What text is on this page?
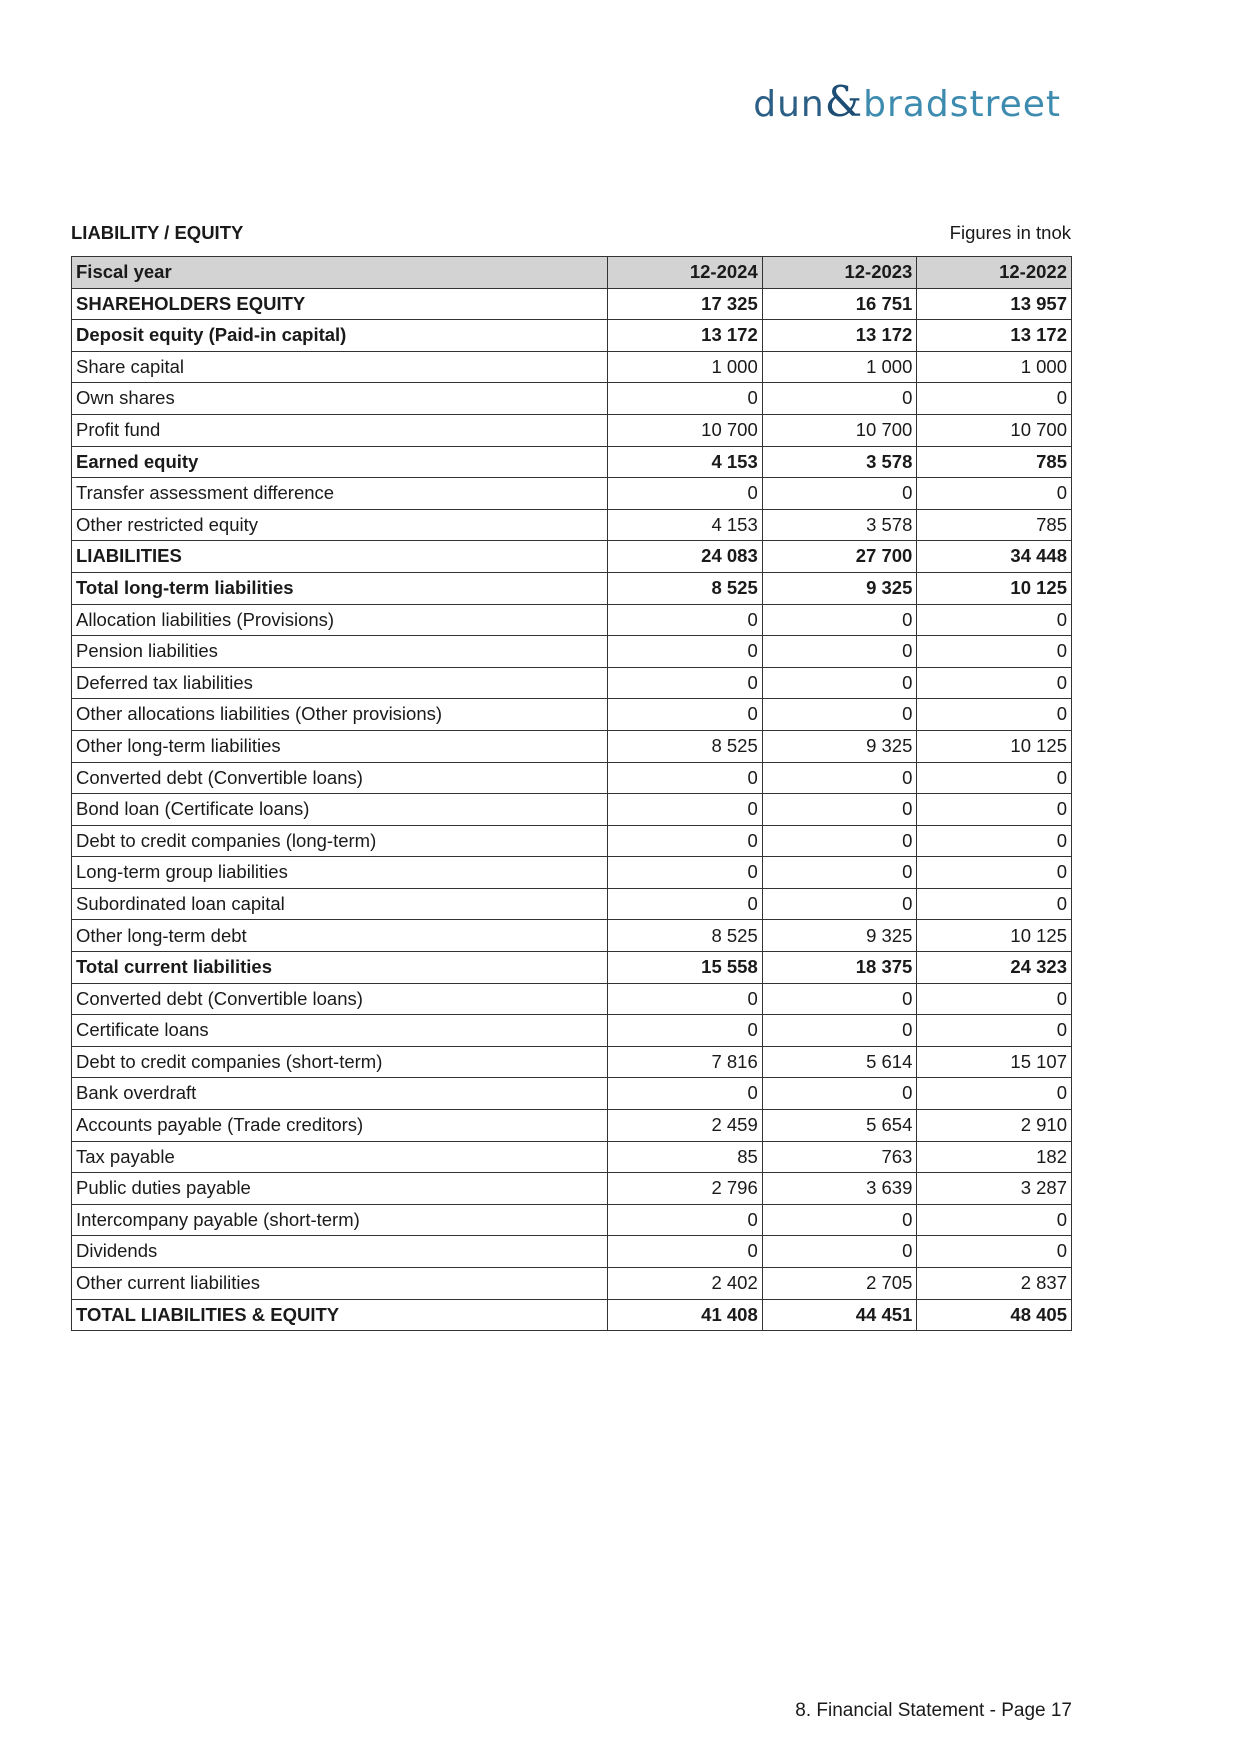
dun&bradstreet
LIABILITY / EQUITY	Figures in tnok
Fiscal year	12-2024	12-2023	12-2022
SHAREHOLDERS EQUITY	17 325	16 751	13 957
Deposit equity (Paid-in capital)	13 172	13 172	13 172
Share capital	1 000	1 000	1 000
Own shares	0	0	0
Profit fund	10 700	10 700	10 700
Earned equity	4 153	3 578	785
Transfer assessment difference	0	0	0
Other restricted equity	4 153	3 578	785
LIABILITIES	24 083	27 700	34 448
Total long-term liabilities	8 525	9 325	10 125
Allocation liabilities (Provisions)	0	0	0
Pension liabilities	0	0	0
Deferred tax liabilities	0	0	0
Other allocations liabilities (Other provisions)	0	0	0
Other long-term liabilities	8 525	9 325	10 125
Converted debt (Convertible loans)	0	0	0
Bond loan (Certificate loans)	0	0	0
Debt to credit companies (long-term)	0	0	0
Long-term group liabilities	0	0	0
Subordinated loan capital	0	0	0
Other long-term debt	8 525	9 325	10 125
Total current liabilities	15 558	18 375	24 323
Converted debt (Convertible loans)	0	0	0
Certificate loans	0	0	0
Debt to credit companies (short-term)	7 816	5 614	15 107
Bank overdraft	0	0	0
Accounts payable (Trade creditors)	2 459	5 654	2 910
Tax payable	85	763	182
Public duties payable	2 796	3 639	3 287
Intercompany payable (short-term)	0	0	0
Dividends	0	0	0
Other current liabilities	2 402	2 705	2 837
TOTAL LIABILITIES & EQUITY	41 408	44 451	48 405
8. Financial Statement - Page 17
